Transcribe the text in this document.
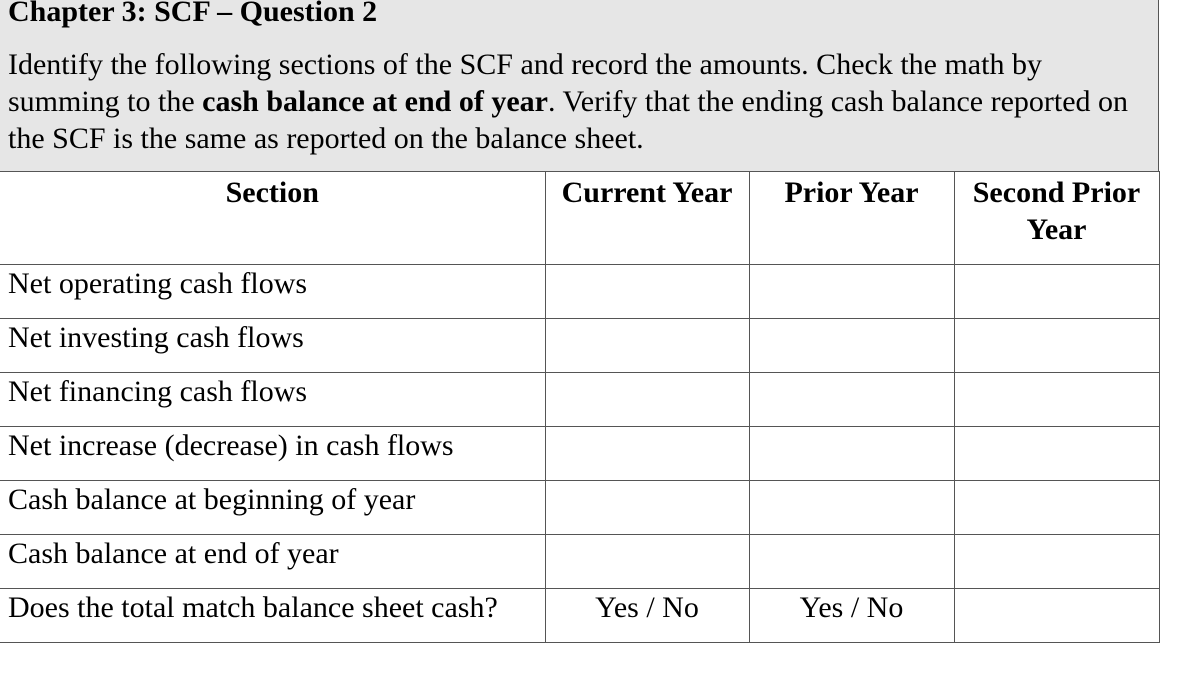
Chapter 3: SCF – Question 2

Identify the following sections of the SCF and record the amounts. Check the math by summing to the cash balance at end of year. Verify that the ending cash balance reported on the SCF is the same as reported on the balance sheet.

Section	Current Year	Prior Year	Second Prior Year
Net operating cash flows			
Net investing cash flows			
Net financing cash flows			
Net increase (decrease) in cash flows			
Cash balance at beginning of year			
Cash balance at end of year			
Does the total match balance sheet cash?	Yes / No	Yes / No	
